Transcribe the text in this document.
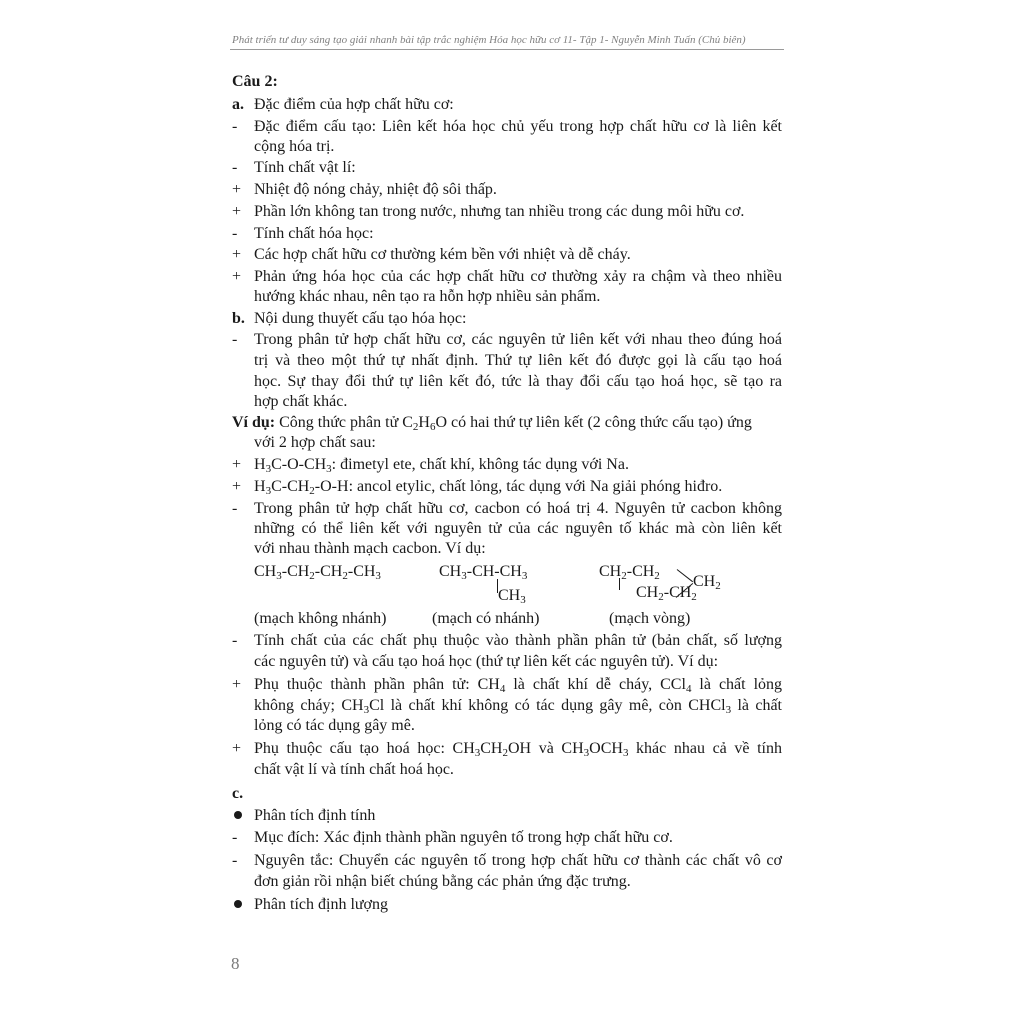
Phát triển tư duy sáng tạo giải nhanh bài tập trắc nghiệm Hóa học hữu cơ 11- Tập 1- Nguyễn Minh Tuấn (Chủ biên)
Câu 2:
a. Đặc điểm của hợp chất hữu cơ:
- Đặc điểm cấu tạo: Liên kết hóa học chủ yếu trong hợp chất hữu cơ là liên kết
cộng hóa trị.
- Tính chất vật lí:
+ Nhiệt độ nóng chảy, nhiệt độ sôi thấp.
+ Phần lớn không tan trong nước, nhưng tan nhiều trong các dung môi hữu cơ.
- Tính chất hóa học:
+ Các hợp chất hữu cơ thường kém bền với nhiệt và dễ cháy.
+ Phản ứng hóa học của các hợp chất hữu cơ thường xảy ra chậm và theo nhiều
hướng khác nhau, nên tạo ra hỗn hợp nhiều sản phẩm.
b. Nội dung thuyết cấu tạo hóa học:
- Trong phân tử hợp chất hữu cơ, các nguyên tử liên kết với nhau theo đúng hoá
trị và theo một thứ tự nhất định. Thứ tự liên kết đó được gọi là cấu tạo hoá
học. Sự thay đổi thứ tự liên kết đó, tức là thay đổi cấu tạo hoá học, sẽ tạo ra
hợp chất khác.
Ví dụ: Công thức phân tử $C_2H_6O$ có hai thứ tự liên kết (2 công thức cấu tạo) ứng
với 2 hợp chất sau:
+ $H_3C-O-CH_3$: đimetyl ete, chất khí, không tác dụng với Na.
+ $H_3C-CH_2-O-H$: ancol etylic, chất lỏng, tác dụng với Na giải phóng hiđro.
- Trong phân tử hợp chất hữu cơ, cacbon có hoá trị 4. Nguyên tử cacbon không
những có thể liên kết với nguyên tử của các nguyên tố khác mà còn liên kết
với nhau thành mạch cacbon. Ví dụ:
$CH_3-CH_2-CH_2-CH_3$	$CH_3-CH-CH_3$
$CH_3$
$CH_2-CH_2$ $CH_2$
$CH_2-CH_2$
(mạch không nhánh)	(mạch có nhánh)	(mạch vòng)
- Tính chất của các chất phụ thuộc vào thành phần phân tử (bản chất, số lượng
các nguyên tử) và cấu tạo hoá học (thứ tự liên kết các nguyên tử). Ví dụ:
+ Phụ thuộc thành phần phân tử: $CH_4$ là chất khí dễ cháy, CCl$_4$ là chất lỏng
không cháy; $CH_3Cl$ là chất khí không có tác dụng gây mê, còn CHCl$_3$ là chất
lỏng có tác dụng gây mê.
+ Phụ thuộc cấu tạo hoá học: $CH_3CH_2OH$ và $CH_3OCH_3$ khác nhau cả về tính
chất vật lí và tính chất hoá học.
c.
Phân tích định tính
- Mục đích: Xác định thành phần nguyên tố trong hợp chất hữu cơ.
- Nguyên tắc: Chuyển các nguyên tố trong hợp chất hữu cơ thành các chất vô cơ
đơn giản rồi nhận biết chúng bằng các phản ứng đặc trưng.
Phân tích định lượng
8
